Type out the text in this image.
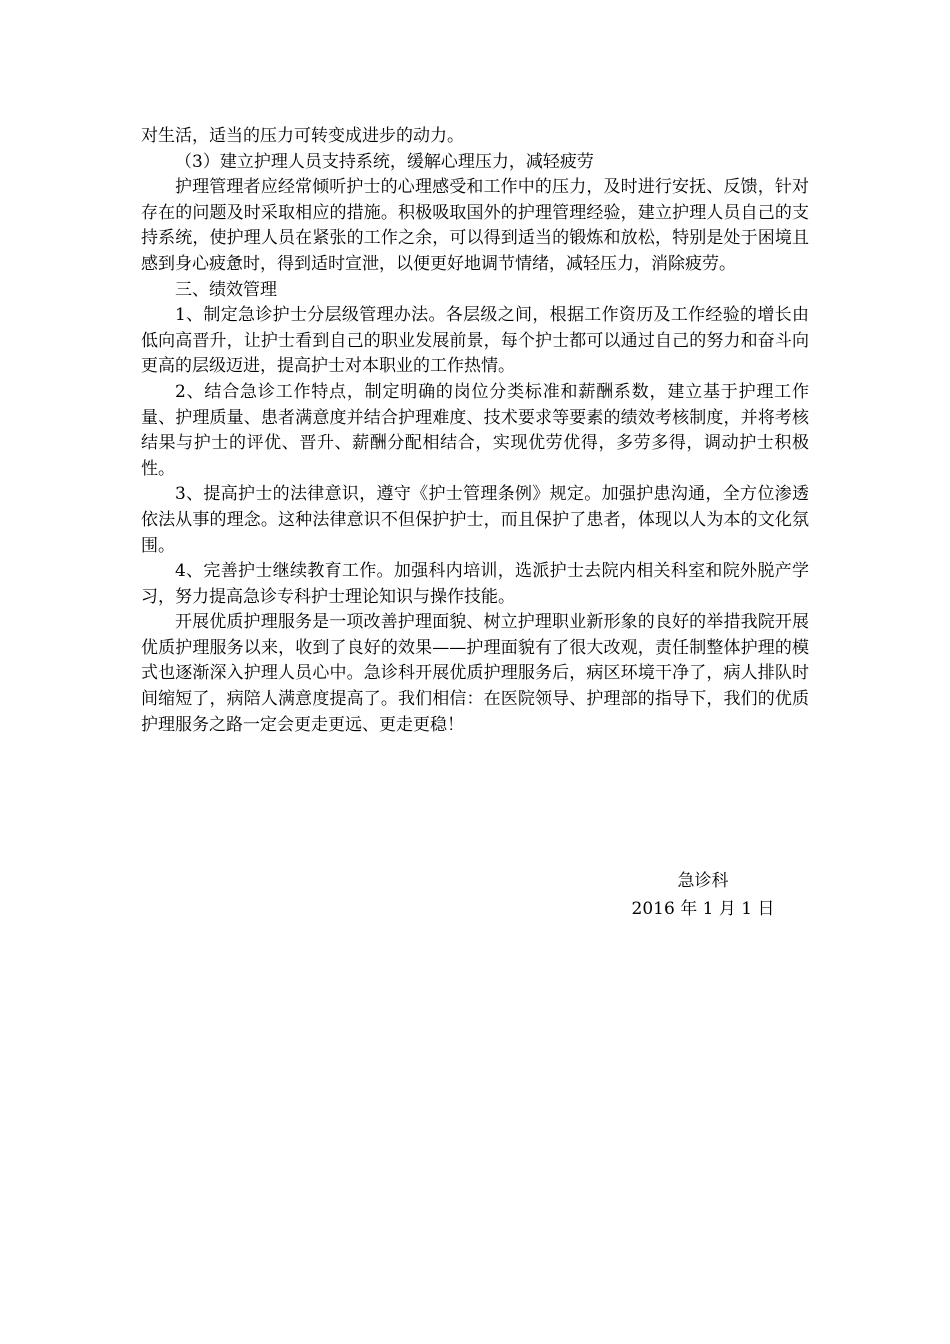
对生活，适当的压力可转变成进步的动力。

（3）建立护理人员支持系统，缓解心理压力，减轻疲劳

护理管理者应经常倾听护士的心理感受和工作中的压力，及时进行安抚、反馈，针对存在的问题及时采取相应的措施。积极吸取国外的护理管理经验，建立护理人员自己的支持系统，使护理人员在紧张的工作之余，可以得到适当的锻炼和放松，特别是处于困境且感到身心疲惫时，得到适时宣泄，以便更好地调节情绪，减轻压力，消除疲劳。

三、绩效管理

1、制定急诊护士分层级管理办法。各层级之间，根据工作资历及工作经验的增长由低向高晋升，让护士看到自己的职业发展前景，每个护士都可以通过自己的努力和奋斗向更高的层级迈进，提高护士对本职业的工作热情。

2、结合急诊工作特点，制定明确的岗位分类标准和薪酬系数，建立基于护理工作量、护理质量、患者满意度并结合护理难度、技术要求等要素的绩效考核制度，并将考核结果与护士的评优、晋升、薪酬分配相结合，实现优劳优得，多劳多得，调动护士积极性。

3、提高护士的法律意识，遵守《护士管理条例》规定。加强护患沟通，全方位渗透依法从事的理念。这种法律意识不但保护护士，而且保护了患者，体现以人为本的文化氛围。

4、完善护士继续教育工作。加强科内培训，选派护士去院内相关科室和院外脱产学习，努力提高急诊专科护士理论知识与操作技能。

开展优质护理服务是一项改善护理面貌、树立护理职业新形象的良好的举措我院开展优质护理服务以来，收到了良好的效果——护理面貌有了很大改观，责任制整体护理的模式也逐渐深入护理人员心中。急诊科开展优质护理服务后，病区环境干净了，病人排队时间缩短了，病陪人满意度提高了。我们相信：在医院领导、护理部的指导下，我们的优质护理服务之路一定会更走更远、更走更稳！

急诊科
2016 年 1 月 1 日
